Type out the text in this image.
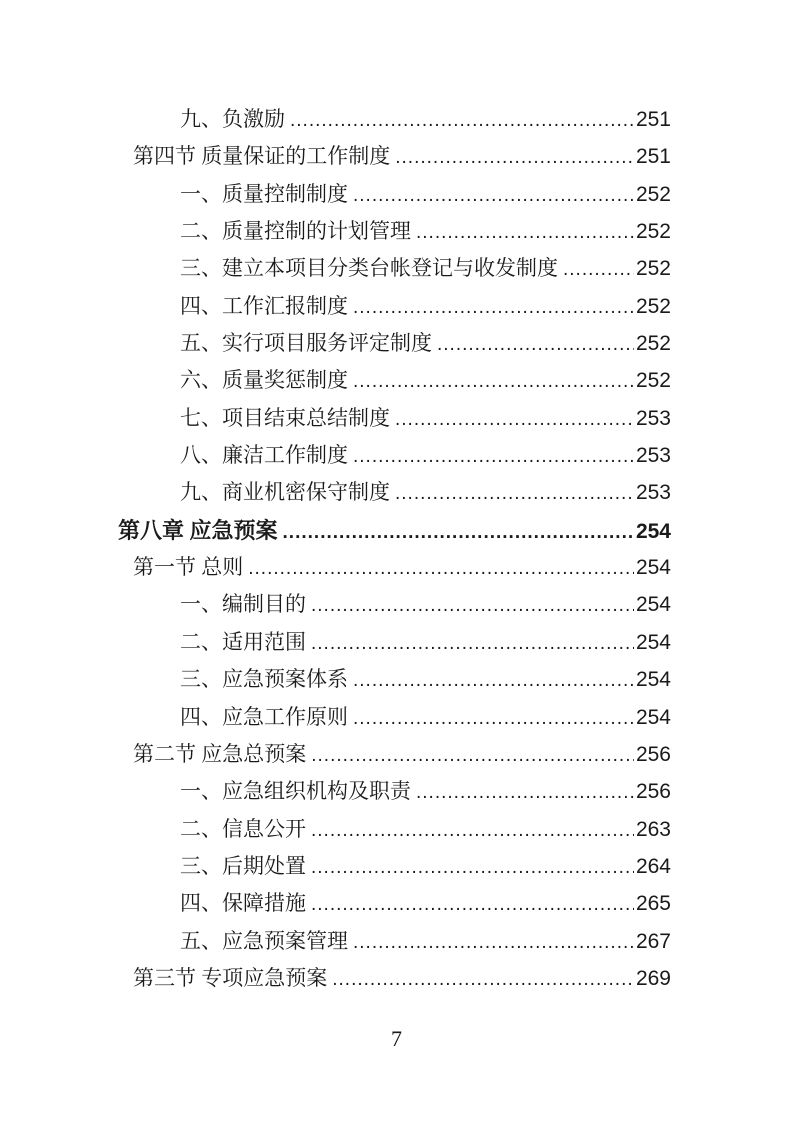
九、负激励 .....	251
第四节 质量保证的工作制度 .....	251
一、质量控制制度 .....	252
二、质量控制的计划管理 .....	252
三、建立本项目分类台帐登记与收发制度 .....	252
四、工作汇报制度 .....	252
五、实行项目服务评定制度 .....	252
六、质量奖惩制度 .....	252
七、项目结束总结制度 .....	253
八、廉洁工作制度 .....	253
九、商业机密保守制度 .....	253
第八章 应急预案 .....	254
第一节 总则 .....	254
一、编制目的 .....	254
二、适用范围 .....	254
三、应急预案体系 .....	254
四、应急工作原则 .....	254
第二节 应急总预案 .....	256
一、应急组织机构及职责 .....	256
二、信息公开 .....	263
三、后期处置 .....	264
四、保障措施 .....	265
五、应急预案管理 .....	267
第三节 专项应急预案 .....	269
7
